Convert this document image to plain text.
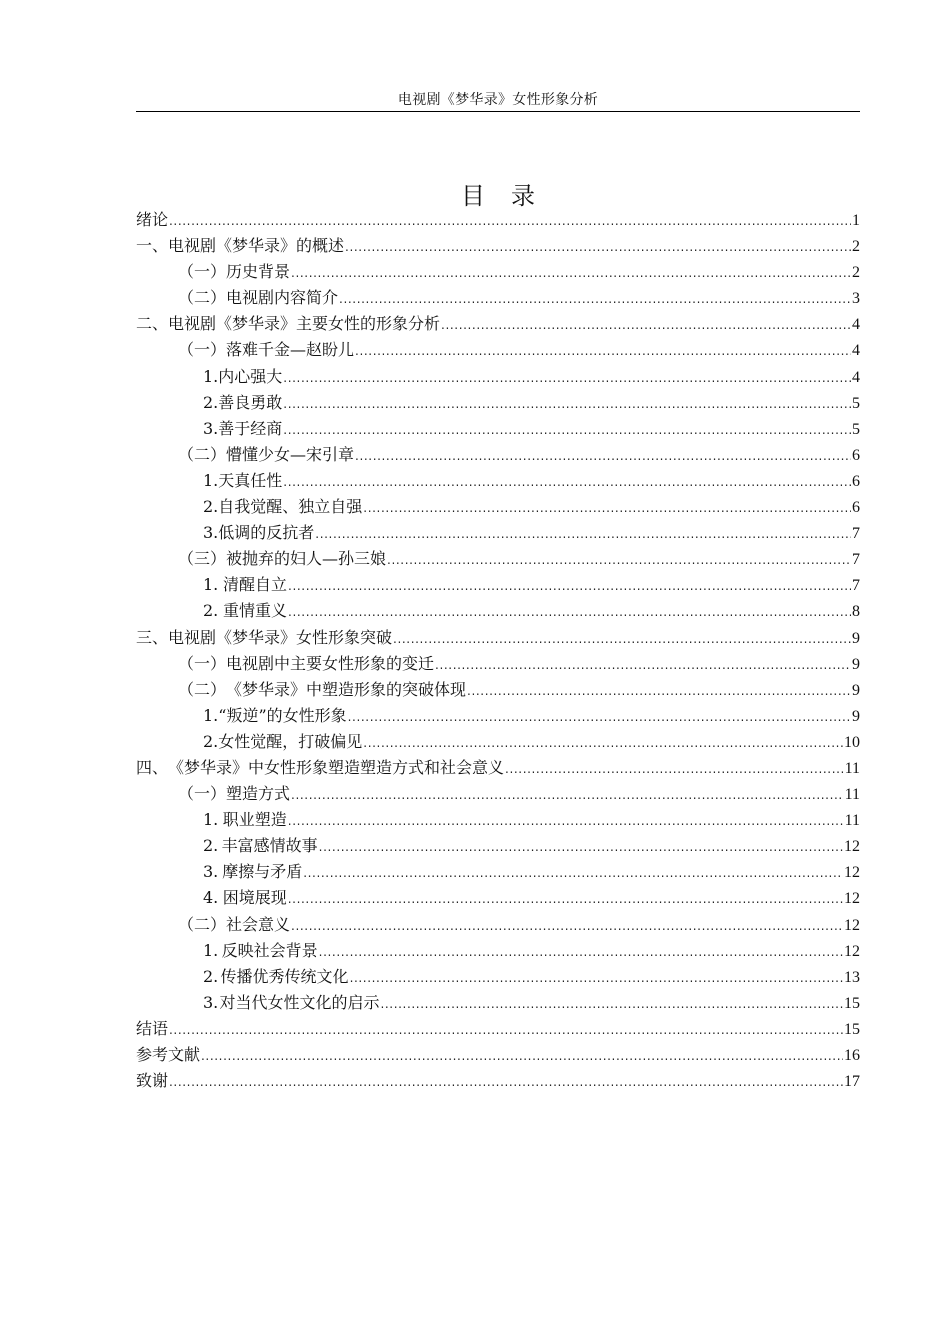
电视剧《梦华录》女性形象分析
目录
绪论 .....	1
一、 电视剧《梦华录》的概述 .....	2
（一） 历史背景 .....	2
（二） 电视剧内容简介 .....	3
二、 电视剧《梦华录》主要女性的形象分析 .....	4
（一） 落难千金—赵盼儿 .....	4
1. 内心强大 .....	4
2. 善良勇敢 .....	5
3. 善于经商 .....	5
（二） 懵懂少女—宋引章 .....	6
1. 天真任性 .....	6
2. 自我觉醒、独立自强 .....	6
3. 低调的反抗者 .....	7
（三） 被抛弃的妇人—孙三娘 .....	7
1. 清醒自立 .....	7
2. 重情重义 .....	8
三、 电视剧《梦华录》女性形象突破 .....	9
（一） 电视剧中主要女性形象的变迁 .....	9
（二） 《梦华录》中塑造形象的突破体现 .....	9
1. “叛逆”的女性形象 .....	9
2. 女性觉醒，打破偏见 .....	10
四、 《梦华录》中女性形象塑造塑造方式和社会意义 .....	11
（一） 塑造方式 .....	11
1. 职业塑造 .....	11
2. 丰富感情故事 .....	12
3. 摩擦与矛盾 .....	12
4. 困境展现 .....	12
（二） 社会意义 .....	12
1. 反映社会背景 .....	12
2. 传播优秀传统文化 .....	13
3. 对当代女性文化的启示 .....	15
结语 .....	15
参考文献 .....	16
致谢 .....	17
